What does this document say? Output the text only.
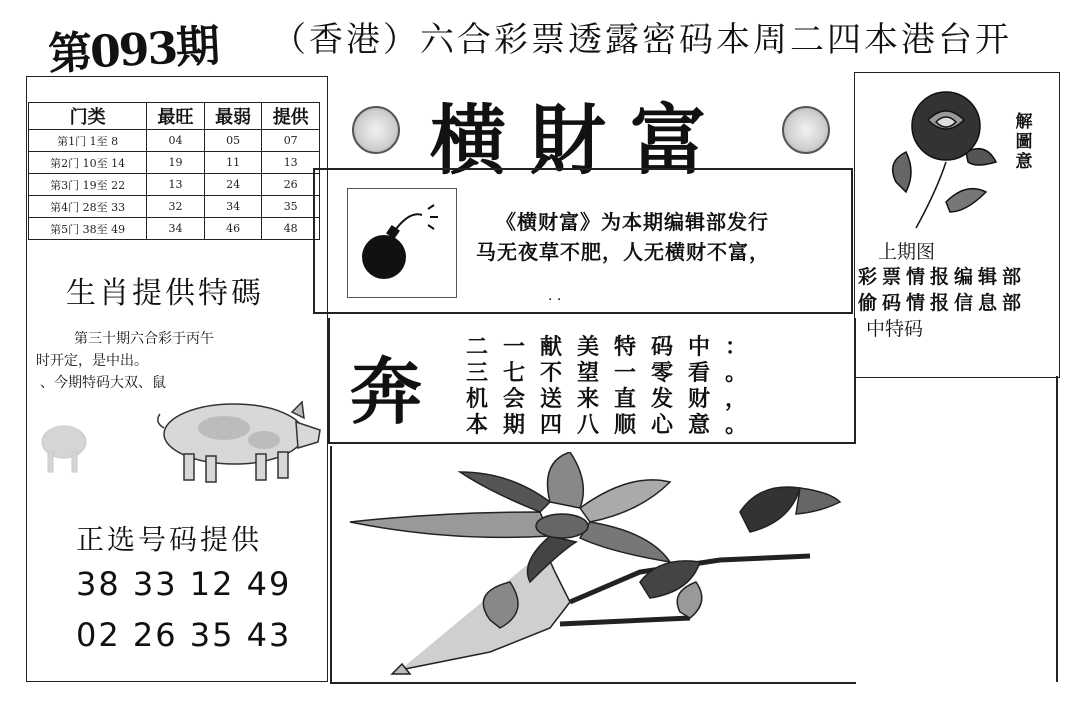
第093期 （香港）六合彩票透露密码本周二四本港台开
门类	最旺	最弱	提供
第1门 1至 8	04	05	07
第2门 10至 14	19	11	13
第3门 19至 22	13	24	26
第4门 28至 33	32	34	35
第5门 38至 49	34	46	48
生肖提供特碼
第三十期六合彩于丙午
时开定，是中出。
、今期特码大双、鼠
正选号码提供
38 33 12 49
02 26 35 43
横財富
《横财富》为本期编辑部发行
马无夜草不肥，人无横财不富，
. .
奔
二一献美特码中：
三七不望一零看。
机会送来直发财，
本期四八顺心意。
解圖意
上期图
彩票情报编辑部
偷码情报信息部
中特码
